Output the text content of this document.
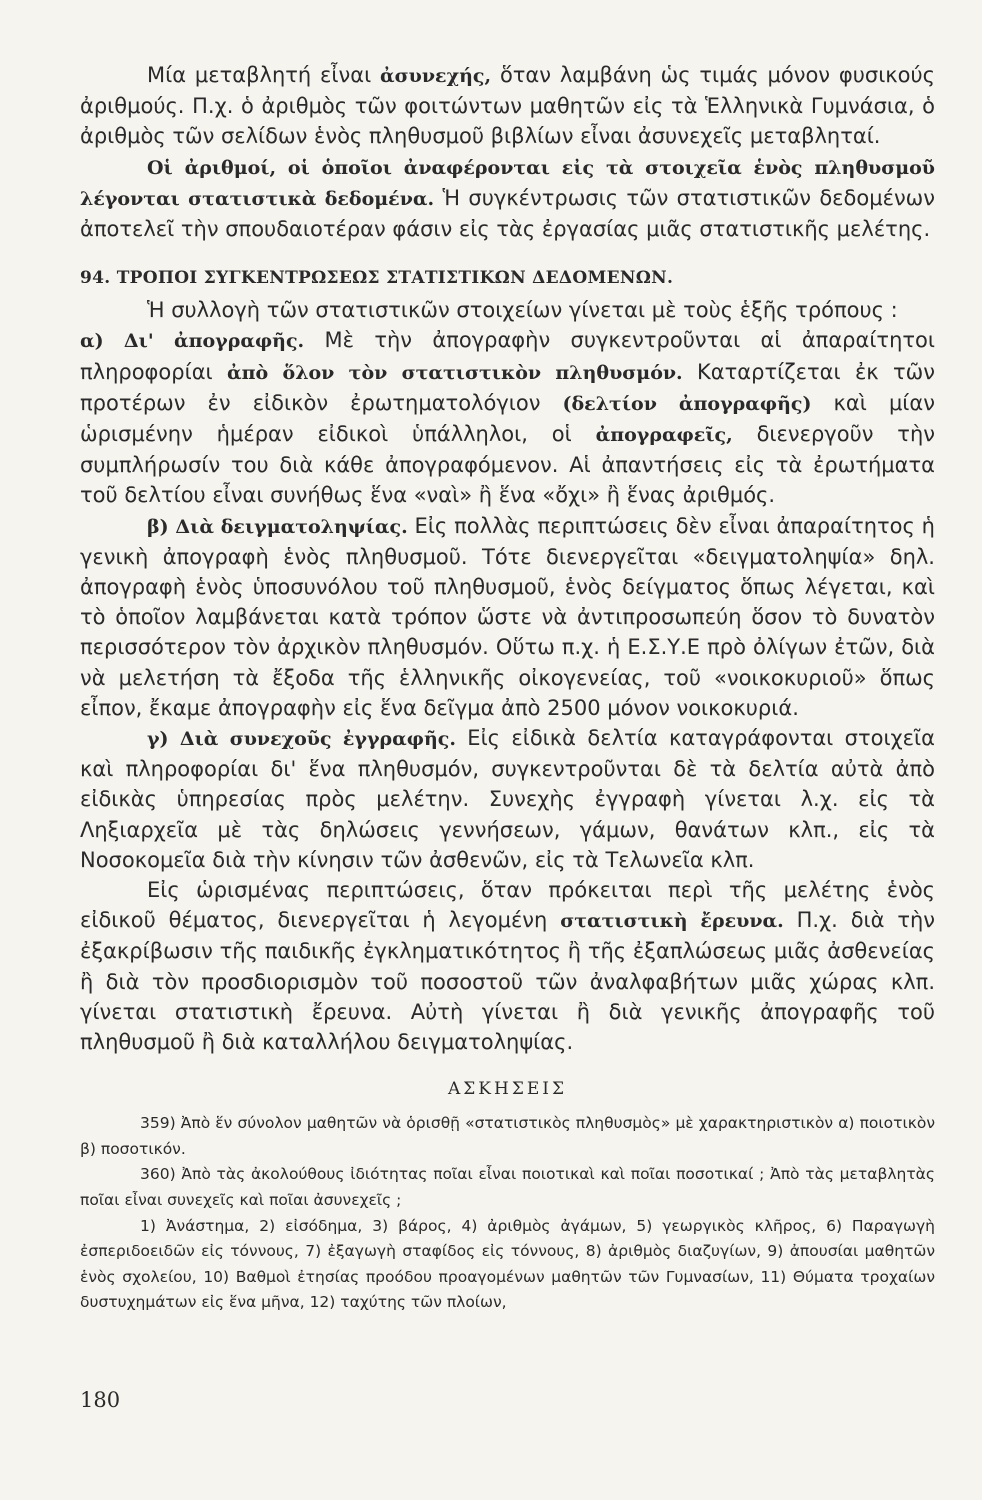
Μία μεταβλητή εἶναι ἀσυνεχής, ὅταν λαμβάνη ὡς τιμάς μόνον φυσικούς ἀριθμούς. Π.χ. ὁ ἀριθμὸς τῶν φοιτώντων μαθητῶν εἰς τὰ Ἑλληνικὰ Γυμνάσια, ὁ ἀριθμὸς τῶν σελίδων ἑνὸς πληθυσμοῦ βιβλίων εἶναι ἀσυνεχεῖς μεταβληταί.

Οἱ ἀριθμοί, οἱ ὁποῖοι ἀναφέρονται εἰς τὰ στοιχεῖα ἑνὸς πληθυσμοῦ λέγονται στατιστικὰ δεδομένα. Ἡ συγκέντρωσις τῶν στατιστικῶν δεδομένων ἀποτελεῖ τὴν σπουδαιοτέραν φάσιν εἰς τὰς ἐργασίας μιᾶς στατιστικῆς μελέτης.

94. ΤΡΟΠΟΙ ΣΥΓΚΕΝΤΡΩΣΕΩΣ ΣΤΑΤΙΣΤΙΚΩΝ ΔΕΔΟΜΕΝΩΝ.

Ἡ συλλογὴ τῶν στατιστικῶν στοιχείων γίνεται μὲ τοὺς ἑξῆς τρόπους :

α) Δι' ἀπογραφῆς. Μὲ τὴν ἀπογραφὴν συγκεντροῦνται αἱ ἀπαραίτητοι πληροφορίαι ἀπὸ ὅλον τὸν στατιστικὸν πληθυσμόν. Καταρτίζεται ἐκ τῶν προτέρων ἐν εἰδικὸν ἐρωτηματολόγιον (δελτίον ἀπογραφῆς) καὶ μίαν ὡρισμένην ἡμέραν εἰδικοὶ ὑπάλληλοι, οἱ ἀπογραφεῖς, διενεργοῦν τὴν συμπλήρωσίν του διὰ κάθε ἀπογραφόμενον. Αἱ ἀπαντήσεις εἰς τὰ ἐρωτήματα τοῦ δελτίου εἶναι συνήθως ἕνα «ναὶ» ἢ ἕνα «ὄχι» ἢ ἕνας ἀριθμός.

β) Διὰ δειγματοληψίας. Εἰς πολλὰς περιπτώσεις δὲν εἶναι ἀπαραίτητος ἡ γενικὴ ἀπογραφὴ ἑνὸς πληθυσμοῦ. Τότε διενεργεῖται «δειγματοληψία» δηλ. ἀπογραφὴ ἑνὸς ὑποσυνόλου τοῦ πληθυσμοῦ, ἑνὸς δείγματος ὅπως λέγεται, καὶ τὸ ὁποῖον λαμβάνεται κατὰ τρόπον ὥστε νὰ ἀντιπροσωπεύη ὅσον τὸ δυνατὸν περισσότερον τὸν ἀρχικὸν πληθυσμόν. Οὕτω π.χ. ἡ Ε.Σ.Υ.Ε πρὸ ὀλίγων ἐτῶν, διὰ νὰ μελετήση τὰ ἔξοδα τῆς ἑλληνικῆς οἰκογενείας, τοῦ «νοικοκυριοῦ» ὅπως εἶπον, ἔκαμε ἀπογραφὴν εἰς ἕνα δεῖγμα ἀπὸ 2500 μόνον νοικοκυριά.

γ) Διὰ συνεχοῦς ἐγγραφῆς. Εἰς εἰδικὰ δελτία καταγράφονται στοιχεῖα καὶ πληροφορίαι δι' ἕνα πληθυσμόν, συγκεντροῦνται δὲ τὰ δελτία αὐτὰ ἀπὸ εἰδικὰς ὑπηρεσίας πρὸς μελέτην. Συνεχὴς ἐγγραφὴ γίνεται λ.χ. εἰς τὰ Ληξιαρχεῖα μὲ τὰς δηλώσεις γεννήσεων, γάμων, θανάτων κλπ., εἰς τὰ Νοσοκομεῖα διὰ τὴν κίνησιν τῶν ἀσθενῶν, εἰς τὰ Τελωνεῖα κλπ.

Εἰς ὡρισμένας περιπτώσεις, ὅταν πρόκειται περὶ τῆς μελέτης ἑνὸς εἰδικοῦ θέματος, διενεργεῖται ἡ λεγομένη στατιστικὴ ἔρευνα. Π.χ. διὰ τὴν ἐξακρίβωσιν τῆς παιδικῆς ἐγκληματικότητος ἢ τῆς ἐξαπλώσεως μιᾶς ἀσθενείας ἢ διὰ τὸν προσδιορισμὸν τοῦ ποσοστοῦ τῶν ἀναλφαβήτων μιᾶς χώρας κλπ. γίνεται στατιστικὴ ἔρευνα. Αὐτὴ γίνεται ἢ διὰ γενικῆς ἀπογραφῆς τοῦ πληθυσμοῦ ἢ διὰ καταλλήλου δειγματοληψίας.

ΑΣΚΗΣΕΙΣ

359) Ἀπὸ ἕν σύνολον μαθητῶν νὰ ὁρισθῇ «στατιστικὸς πληθυσμὸς» μὲ χαρακτηριστικὸν α) ποιοτικὸν β) ποσοτικόν.

360) Ἀπὸ τὰς ἀκολούθους ἰδιότητας ποῖαι εἶναι ποιοτικαὶ καὶ ποῖαι ποσοτικαί ; Ἀπὸ τὰς μεταβλητὰς ποῖαι εἶναι συνεχεῖς καὶ ποῖαι ἀσυνεχεῖς ;

1) Ἀνάστημα, 2) εἰσόδημα, 3) βάρος, 4) ἀριθμὸς ἀγάμων, 5) γεωργικὸς κλῆρος, 6) Παραγωγὴ ἐσπεριδοειδῶν εἰς τόννους, 7) ἐξαγωγὴ σταφίδος εἰς τόννους, 8) ἀριθμὸς διαζυγίων, 9) ἀπουσίαι μαθητῶν ἑνὸς σχολείου, 10) Βαθμοὶ ἐτησίας προόδου προαγομένων μαθητῶν τῶν Γυμνασίων, 11) Θύματα τροχαίων δυστυχημάτων εἰς ἕνα μῆνα, 12) ταχύτης τῶν πλοίων,

180
